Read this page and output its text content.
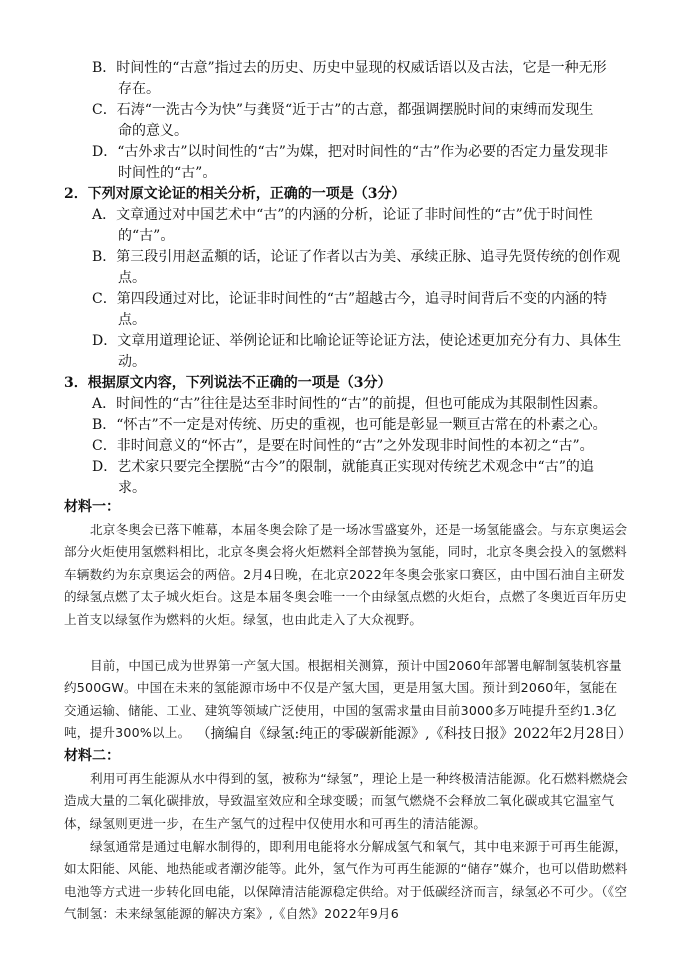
B．时间性的“古意”指过去的历史、历史中显现的权威话语以及古法，它是一种无形
存在。
C．石涛“一洗古今为快”与龚贤“近于古”的古意，都强调摆脱时间的束缚而发现生
命的意义。
D．“古外求古”以时间性的“古”为媒，把对时间性的“古”作为必要的否定力量发现非
时间性的“古”。
2．下列对原文论证的相关分析，正确的一项是（3分）
A．文章通过对中国艺术中“古”的内涵的分析，论证了非时间性的“古”优于时间性
的“古”。
B．第三段引用赵孟頫的话，论证了作者以古为美、承续正脉、追寻先贤传统的创作观
点。
C．第四段通过对比，论证非时间性的“古”超越古今，追寻时间背后不变的内涵的特
点。
D．文章用道理论证、举例论证和比喻论证等论证方法，使论述更加充分有力、具体生
动。
3．根据原文内容，下列说法不正确的一项是（3分）
A．时间性的“古”往往是达至非时间性的“古”的前提，但也可能成为其限制性因素。
B．“怀古”不一定是对传统、历史的重视，也可能是彰显一颗亘古常在的朴素之心。
C．非时间意义的“怀古”，是要在时间性的“古”之外发现非时间性的本初之“古”。
D．艺术家只要完全摆脱“古今”的限制，就能真正实现对传统艺术观念中“古”的追
求。
材料一：
北京冬奥会已落下帷幕，本届冬奥会除了是一场冰雪盛宴外，还是一场氢能盛会。与东京奥运会部分火炬使用氢燃料相比，北京冬奥会将火炬燃料全部替换为氢能，同时，北京冬奥会投入的氢燃料车辆数约为东京奥运会的两倍。2月4日晚，在北京2022年冬奥会张家口赛区，由中国石油自主研发的绿氢点燃了太子城火炬台。这是本届冬奥会唯一一个由绿氢点燃的火炬台，点燃了冬奥近百年历史上首支以绿氢作为燃料的火炬。绿氢，也由此走入了大众视野。
目前，中国已成为世界第一产氢大国。根据相关测算，预计中国2060年部署电解制氢装机容量约500GW。中国在未来的氢能源市场中不仅是产氢大国，更是用氢大国。预计到2060年，氢能在交通运输、储能、工业、建筑等领域广泛使用，中国的氢需求量由目前3000多万吨提升至约1.3亿吨，提升300%以上。 （摘编自《绿氢:纯正的零碳新能源》,《科技日报》2022年2月28日）
材料二：
利用可再生能源从水中得到的氢，被称为“绿氢”，理论上是一种终极清洁能源。化石燃料燃烧会造成大量的二氧化碳排放，导致温室效应和全球变暖；而氢气燃烧不会释放二氧化碳或其它温室气体，绿氢则更进一步，在生产氢气的过程中仅使用水和可再生的清洁能源。
绿氢通常是通过电解水制得的，即利用电能将水分解成氢气和氧气，其中电来源于可再生能源，如太阳能、风能、地热能或者潮汐能等。此外，氢气作为可再生能源的“储存”媒介，也可以借助燃料电池等方式进一步转化回电能，以保障清洁能源稳定供给。对于低碳经济而言，绿氢必不可少。（《空气制氢：未来绿氢能源的解决方案》,《自然》2022年9月6
